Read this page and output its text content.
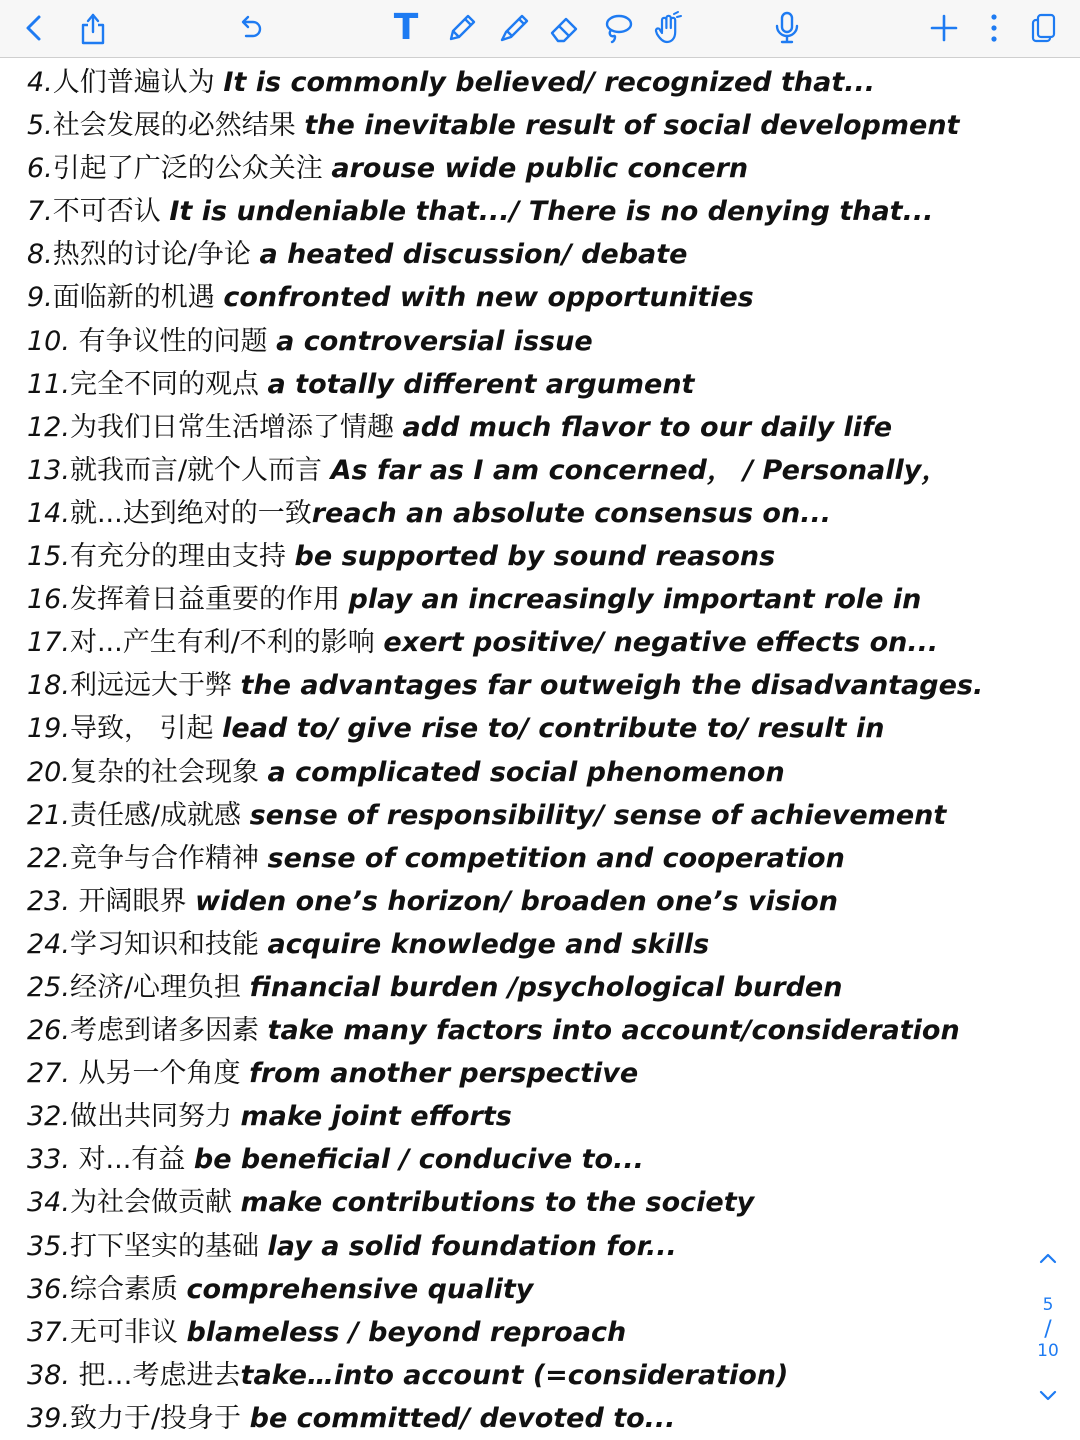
T
4.人们普遍认为 It is commonly believed/ recognized that...
5.社会发展的必然结果 the inevitable result of social development
6.引起了广泛的公众关注 arouse wide public concern
7.不可否认 It is undeniable that.../ There is no denying that...
8.热烈的讨论/争论 a heated discussion/ debate
9.面临新的机遇 confronted with new opportunities
10. 有争议性的问题 a controversial issue
11.完全不同的观点 a totally different argument
12.为我们日常生活增添了情趣 add much flavor to our daily life
13.就我而言/就个人而言 As far as I am concerned， / Personally，
14.就...达到绝对的一致reach an absolute consensus on...
15.有充分的理由支持 be supported by sound reasons
16.发挥着日益重要的作用 play an increasingly important role in
17.对...产生有利/不利的影响 exert positive/ negative effects on...
18.利远远大于弊 the advantages far outweigh the disadvantages.
19.导致， 引起 lead to/ give rise to/ contribute to/ result in
20.复杂的社会现象 a complicated social phenomenon
21.责任感/成就感 sense of responsibility/ sense of achievement
22.竞争与合作精神 sense of competition and cooperation
23. 开阔眼界 widen one’s horizon/ broaden one’s vision
24.学习知识和技能 acquire knowledge and skills
25.经济/心理负担 financial burden /psychological burden
26.考虑到诸多因素 take many factors into account/consideration
27. 从另一个角度 from another perspective
32.做出共同努力 make joint efforts
33. 对...有益 be beneficial / conducive to...
34.为社会做贡献 make contributions to the society
35.打下坚实的基础 lay a solid foundation for...
36.综合素质 comprehensive quality
37.无可非议 blameless / beyond reproach
38. 把…考虑进去take…into account (=consideration)
39.致力于/投身于 be committed/ devoted to...
5
/
10
